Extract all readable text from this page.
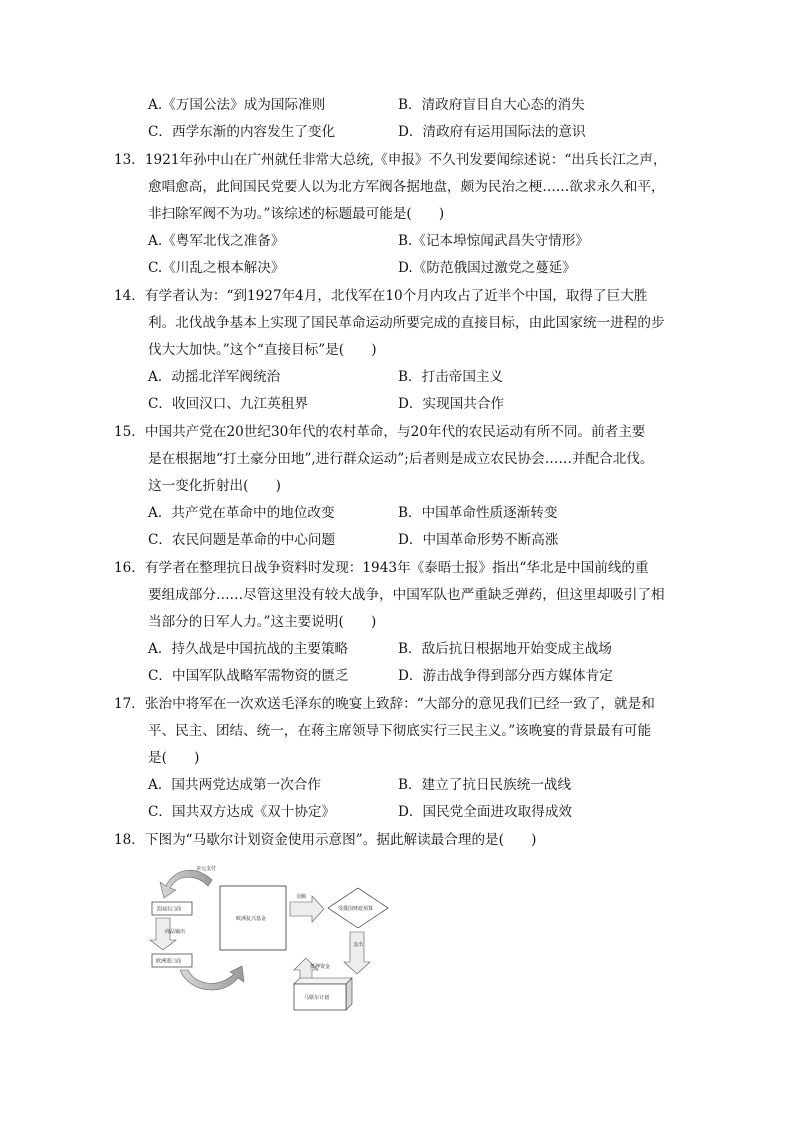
A.《万国公法》成为国际准则	B．清政府盲目自大心态的消失
C．西学东渐的内容发生了变化	D．清政府有运用国际法的意识
13．1921年孙中山在广州就任非常大总统,《申报》不久刊发要闻综述说：“出兵长江之声，
愈唱愈高，此间国民党要人以为北方军阀各据地盘，颇为民治之梗……欲求永久和平，
非扫除军阀不为功。”该综述的标题最可能是(　　)
A.《粤军北伐之准备》	B.《记本埠惊闻武昌失守情形》
C.《川乱之根本解决》	D.《防范俄国过激党之蔓延》
14．有学者认为：“到1927年4月，北伐军在10个月内攻占了近半个中国，取得了巨大胜
利。北伐战争基本上实现了国民革命运动所要完成的直接目标，由此国家统一进程的步
伐大大加快。”这个“直接目标”是(　　)
A．动摇北洋军阀统治	B．打击帝国主义
C．收回汉口、九江英租界	D．实现国共合作
15．中国共产党在20世纪30年代的农村革命，与20年代的农民运动有所不同。前者主要
是在根据地“打土豪分田地”,进行群众运动”;后者则是成立农民协会……并配合北伐。
这一变化折射出(　　)
A．共产党在革命中的地位改变	B．中国革命性质逐渐转变
C．农民问题是革命的中心问题	D．中国革命形势不断高涨
16．有学者在整理抗日战争资料时发现：1943年《泰晤士报》指出“华北是中国前线的重
要组成部分……尽管这里没有较大战争，中国军队也严重缺乏弹药，但这里却吸引了相
当部分的日军人力。”这主要说明(　　)
A．持久战是中国抗战的主要策略	B．敌后抗日根据地开始变成主战场
C．中国军队战略军需物资的匮乏	D．游击战争得到部分西方媒体肯定
17．张治中将军在一次欢送毛泽东的晚宴上致辞：“大部分的意见我们已经一致了，就是和
平、民主、团结、统一，在蒋主席领导下彻底实行三民主义。”该晚宴的背景最有可能
是(　　)
A．国共两党达成第一次合作	B．建立了抗日民族统一战线
C．国共双方达成《双十协定》	D．国民党全面进攻取得成效
18．下图为“马歇尔计划资金使用示意图”。据此解读最合理的是(　　)
美元支付
美国出口商
商品输出
欧洲进口商
欧洲复兴基金
余额
受援国财政预算
支出
抵押资金
马歇尔计划
